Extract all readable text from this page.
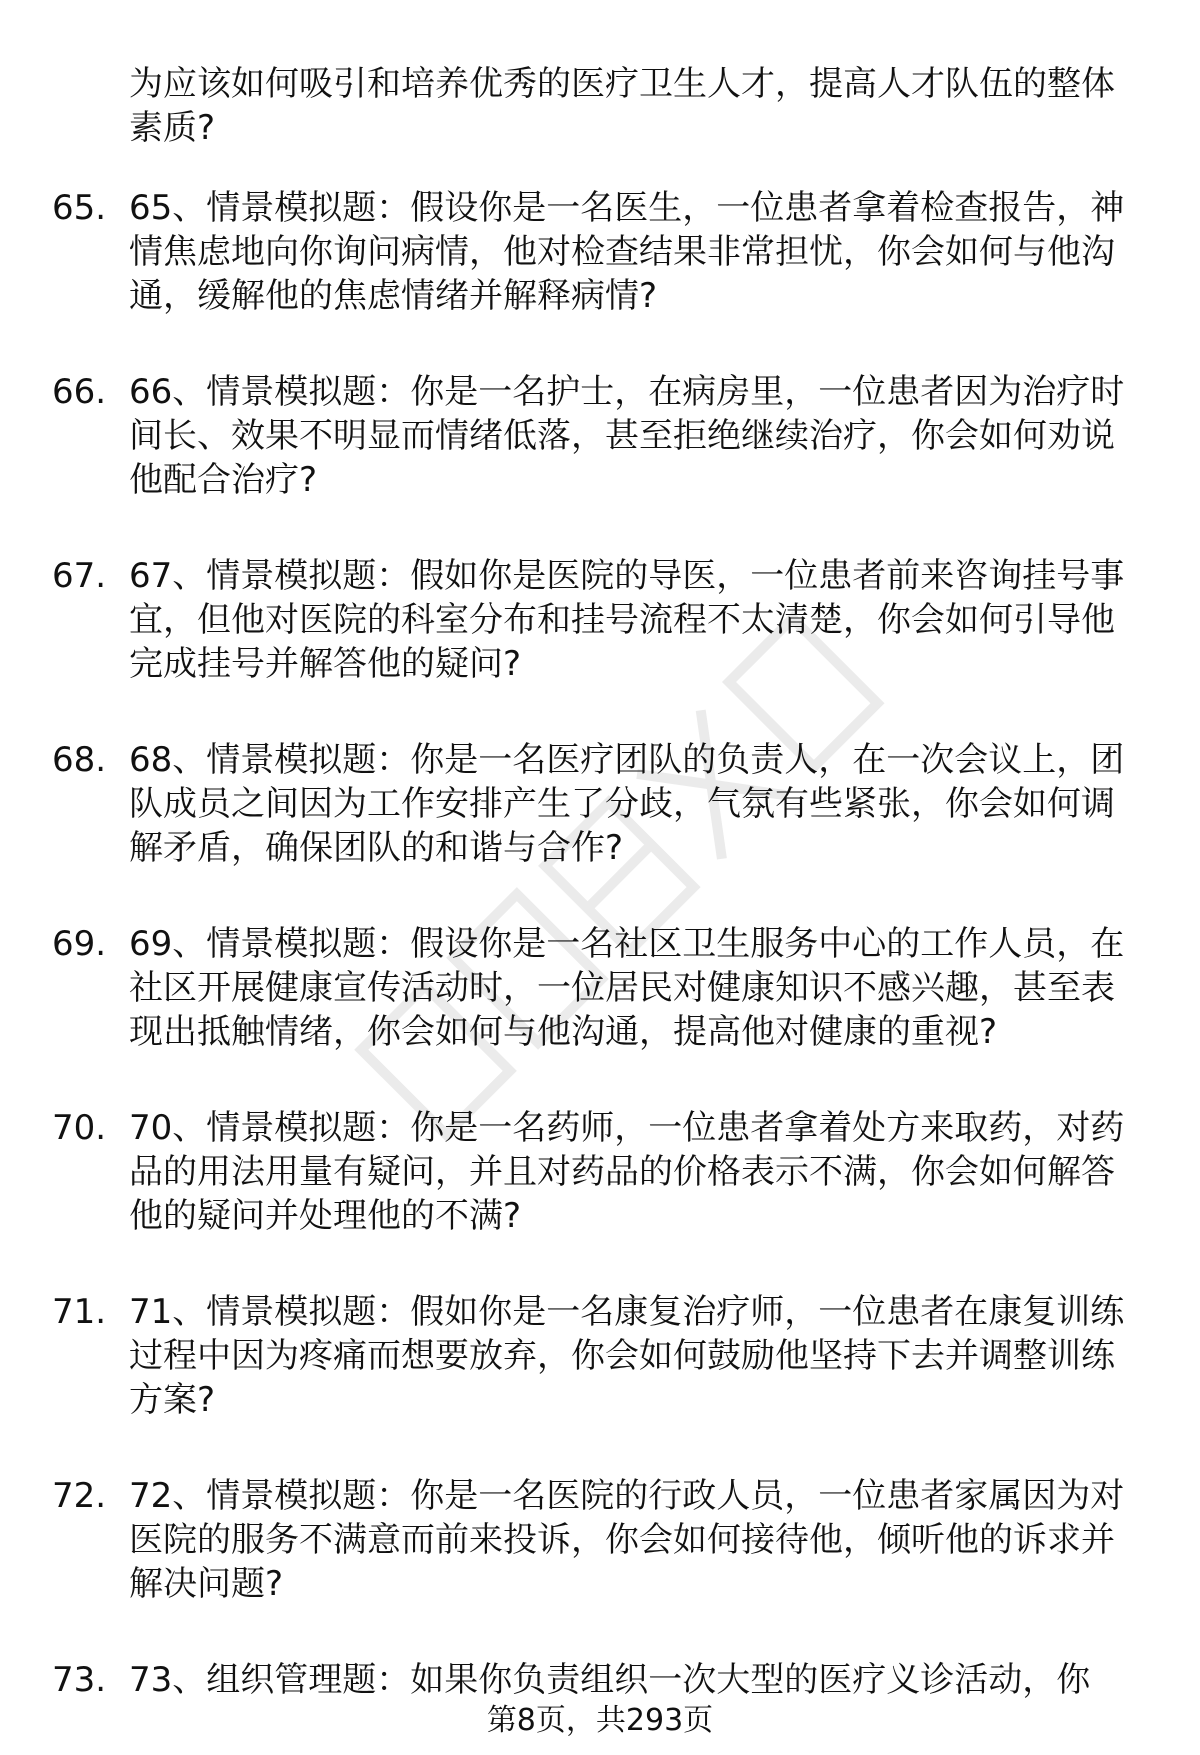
为应该如何吸引和培养优秀的医疗卫生人才，提高人才队伍的整体素质?
65. 65、情景模拟题：假设你是一名医生，一位患者拿着检查报告，神情焦虑地向你询问病情，他对检查结果非常担忧，你会如何与他沟通，缓解他的焦虑情绪并解释病情?
66. 66、情景模拟题：你是一名护士，在病房里，一位患者因为治疗时间长、效果不明显而情绪低落，甚至拒绝继续治疗，你会如何劝说他配合治疗?
67. 67、情景模拟题：假如你是医院的导医，一位患者前来咨询挂号事宜，但他对医院的科室分布和挂号流程不太清楚，你会如何引导他完成挂号并解答他的疑问?
68. 68、情景模拟题：你是一名医疗团队的负责人，在一次会议上，团队成员之间因为工作安排产生了分歧，气氛有些紧张，你会如何调解矛盾，确保团队的和谐与合作?
69. 69、情景模拟题：假设你是一名社区卫生服务中心的工作人员，在社区开展健康宣传活动时，一位居民对健康知识不感兴趣，甚至表现出抵触情绪，你会如何与他沟通，提高他对健康的重视?
70. 70、情景模拟题：你是一名药师，一位患者拿着处方来取药，对药品的用法用量有疑问，并且对药品的价格表示不满，你会如何解答他的疑问并处理他的不满?
71. 71、情景模拟题：假如你是一名康复治疗师，一位患者在康复训练过程中因为疼痛而想要放弃，你会如何鼓励他坚持下去并调整训练方案?
72. 72、情景模拟题：你是一名医院的行政人员，一位患者家属因为对医院的服务不满意而前来投诉，你会如何接待他，倾听他的诉求并解决问题?
73. 73、组织管理题：如果你负责组织一次大型的医疗义诊活动，你
第8页，共293页
